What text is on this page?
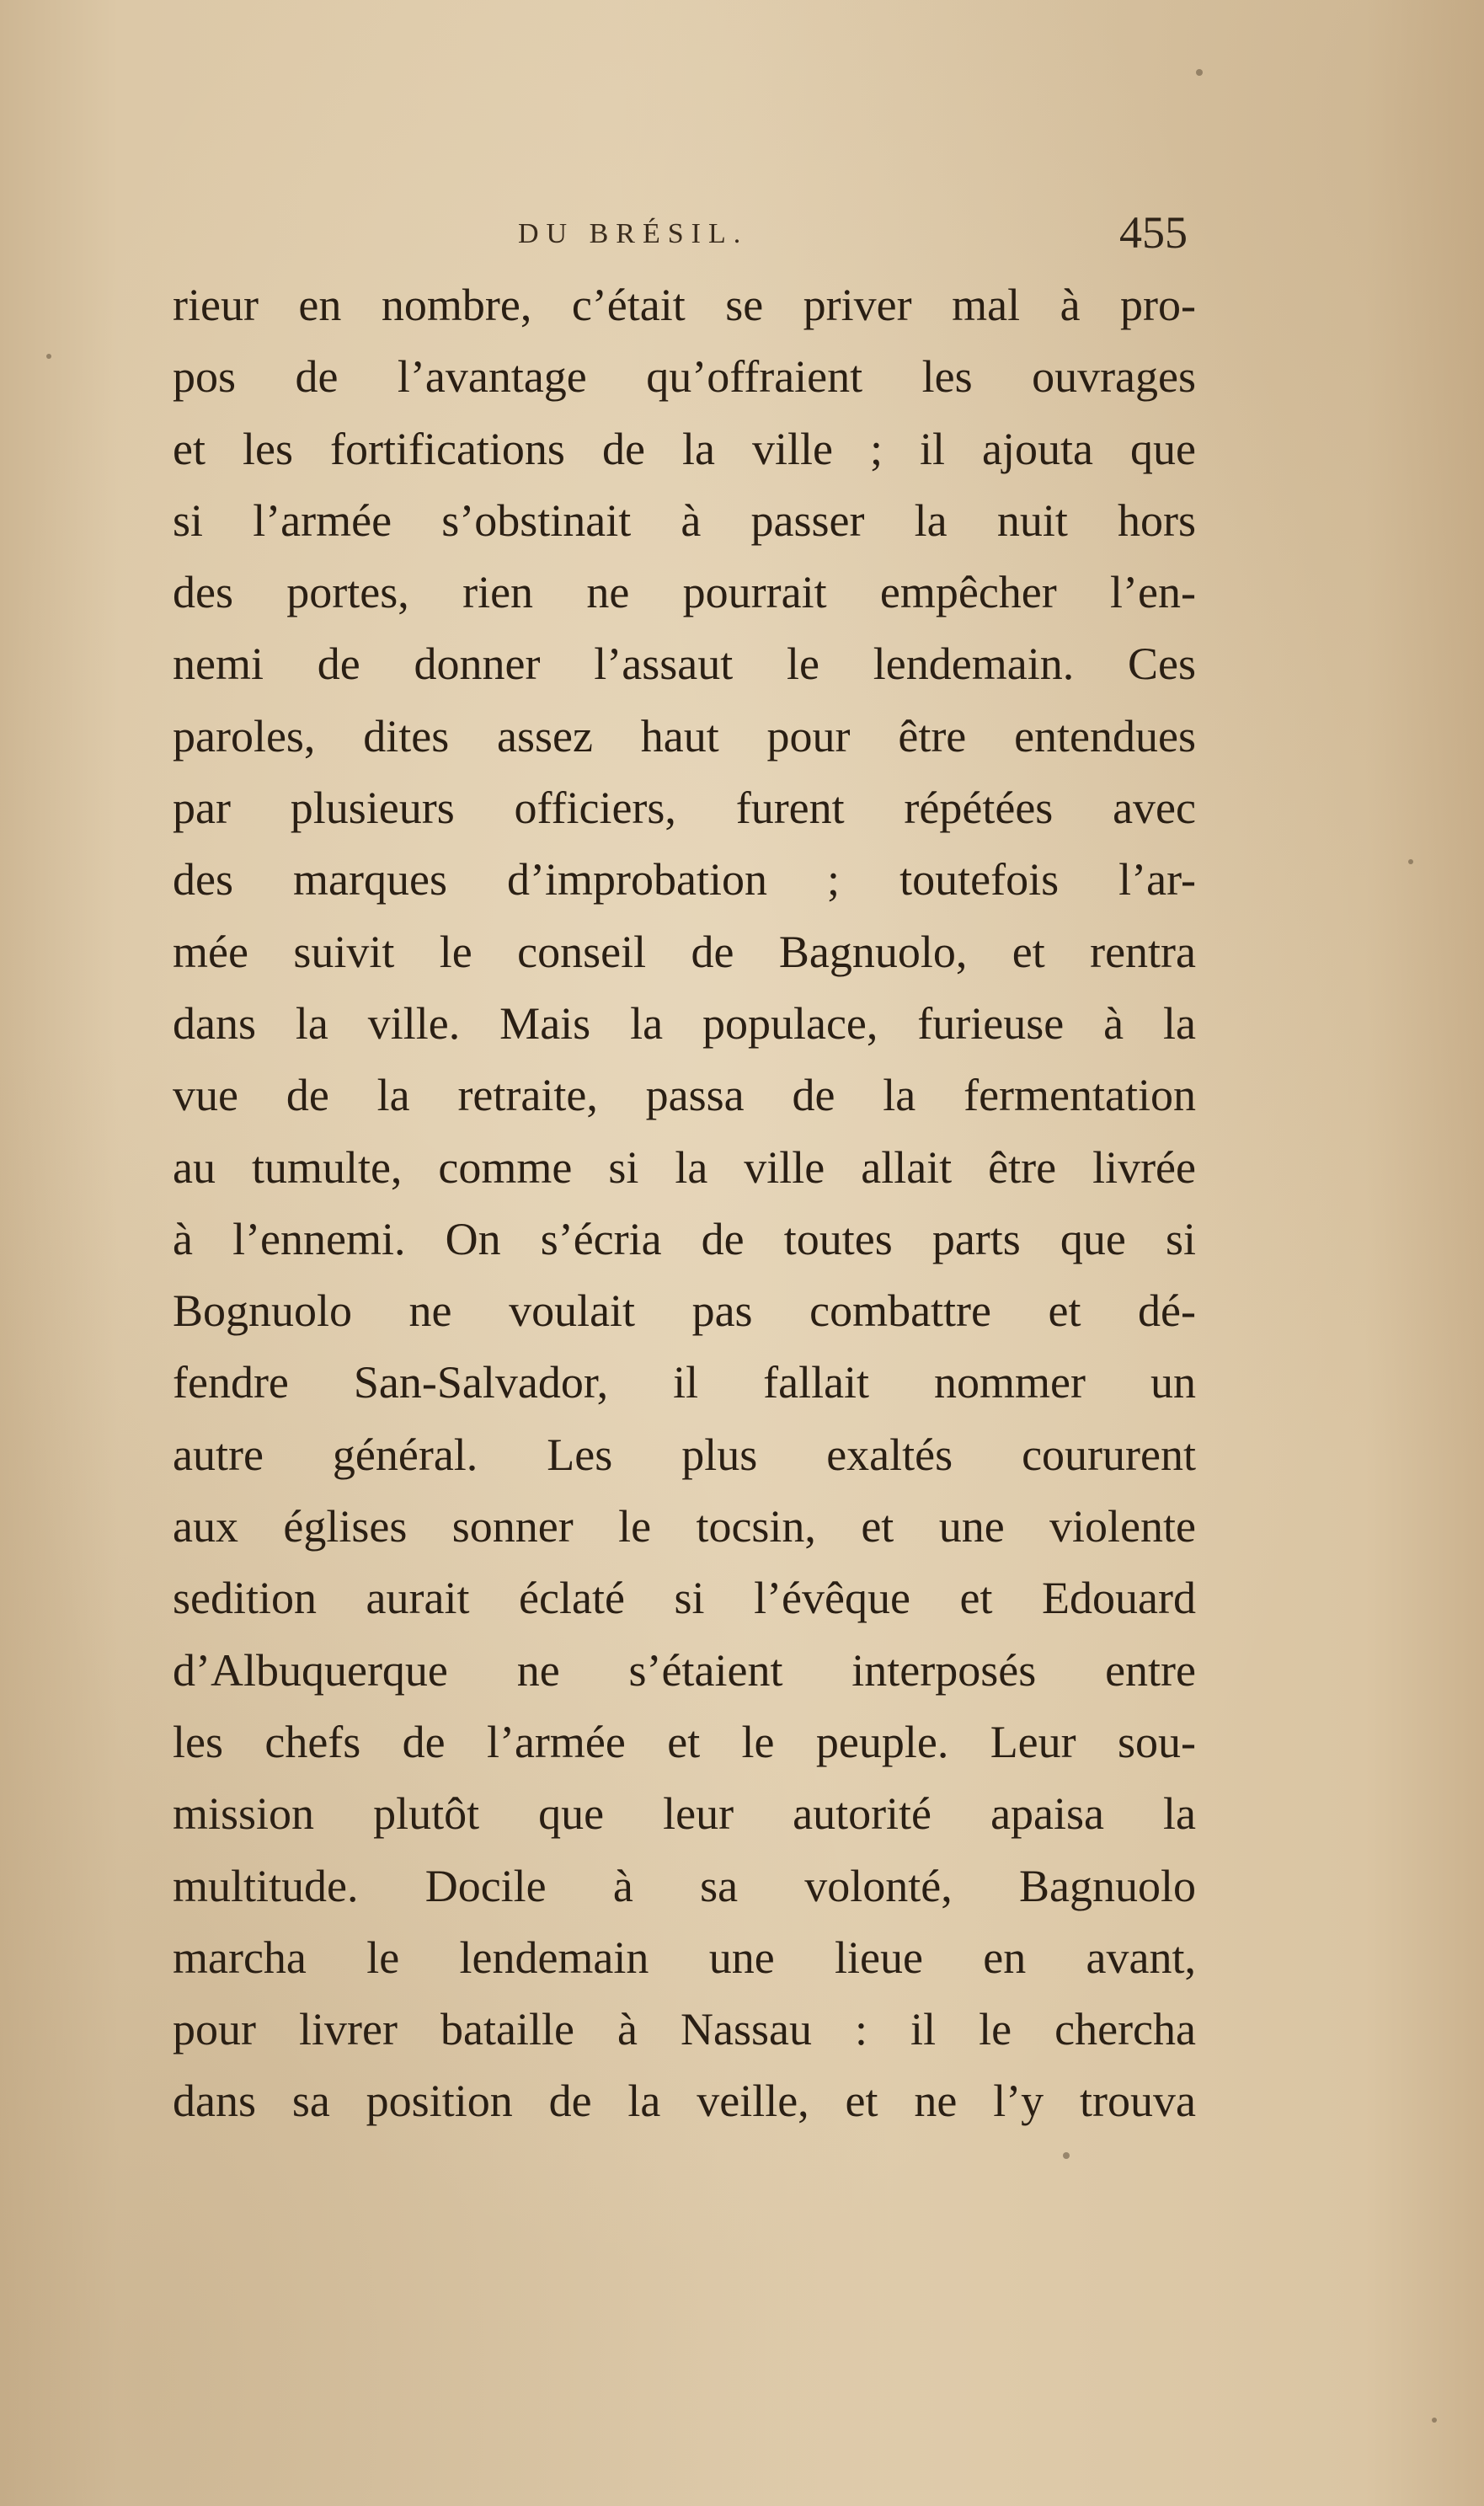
DU BRÉSIL.	455
rieur en nombre, c’était se priver mal à pro-
pos de l’avantage qu’offraient les ouvrages
et les fortifications de la ville ; il ajouta que
si l’armée s’obstinait à passer la nuit hors
des portes, rien ne pourrait empêcher l’en-
nemi de donner l’assaut le lendemain. Ces
paroles, dites assez haut pour être entendues
par plusieurs officiers, furent répétées avec
des marques d’improbation ; toutefois l’ar-
mée suivit le conseil de Bagnuolo, et rentra
dans la ville. Mais la populace, furieuse à la
vue de la retraite, passa de la fermentation
au tumulte, comme si la ville allait être livrée
à l’ennemi. On s’écria de toutes parts que si
Bognuolo ne voulait pas combattre et dé-
fendre San-Salvador, il fallait nommer un
autre général. Les plus exaltés coururent
aux églises sonner le tocsin, et une violente
sedition aurait éclaté si l’évêque et Edouard
d’Albuquerque ne s’étaient interposés entre
les chefs de l’armée et le peuple. Leur sou-
mission plutôt que leur autorité apaisa la
multitude. Docile à sa volonté, Bagnuolo
marcha le lendemain une lieue en avant,
pour livrer bataille à Nassau : il le chercha
dans sa position de la veille, et ne l’y trouva
